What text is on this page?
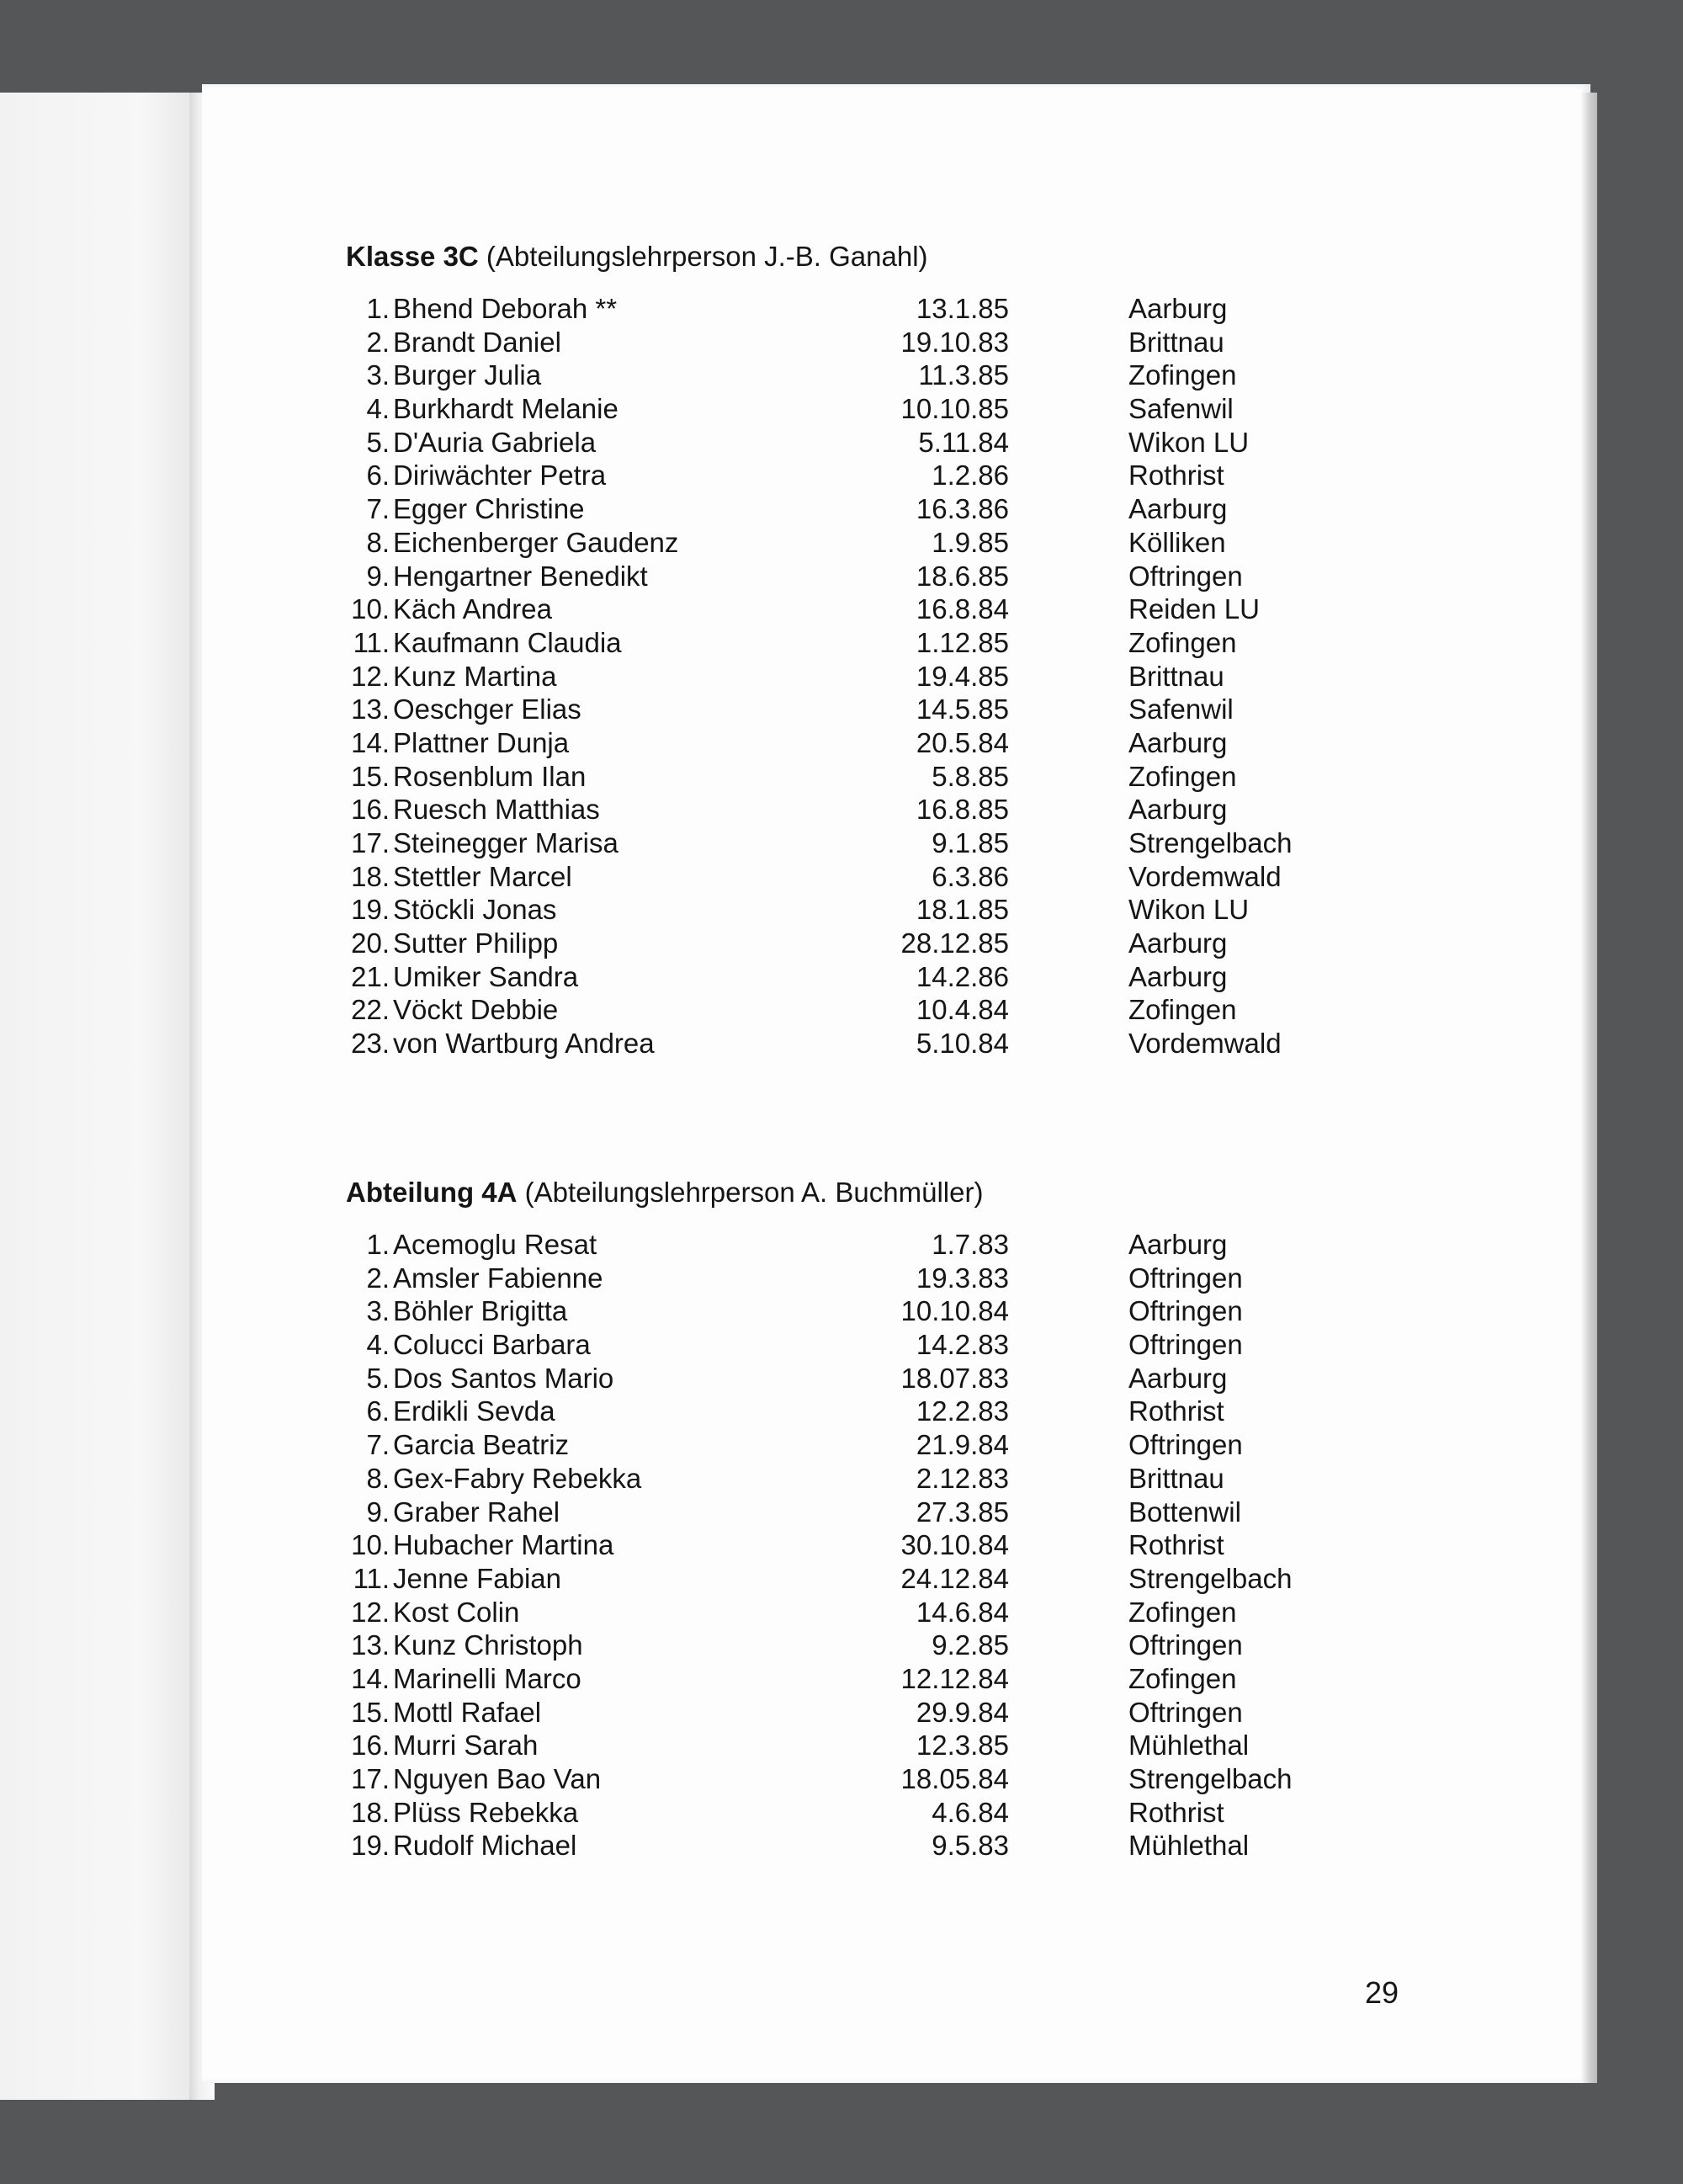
Klasse 3C (Abteilungslehrperson J.-B. Ganahl)
1. Bhend Deborah **	13.1.85	Aarburg
2. Brandt Daniel	19.10.83	Brittnau
3. Burger Julia	11.3.85	Zofingen
4. Burkhardt Melanie	10.10.85	Safenwil
5. D'Auria Gabriela	5.11.84	Wikon LU
6. Diriwächter Petra	1.2.86	Rothrist
7. Egger Christine	16.3.86	Aarburg
8. Eichenberger Gaudenz	1.9.85	Kölliken
9. Hengartner Benedikt	18.6.85	Oftringen
10. Käch Andrea	16.8.84	Reiden LU
11. Kaufmann Claudia	1.12.85	Zofingen
12. Kunz Martina	19.4.85	Brittnau
13. Oeschger Elias	14.5.85	Safenwil
14. Plattner Dunja	20.5.84	Aarburg
15. Rosenblum Ilan	5.8.85	Zofingen
16. Ruesch Matthias	16.8.85	Aarburg
17. Steinegger Marisa	9.1.85	Strengelbach
18. Stettler Marcel	6.3.86	Vordemwald
19. Stöckli Jonas	18.1.85	Wikon LU
20. Sutter Philipp	28.12.85	Aarburg
21. Umiker Sandra	14.2.86	Aarburg
22. Vöckt Debbie	10.4.84	Zofingen
23. von Wartburg Andrea	5.10.84	Vordemwald
Abteilung 4A (Abteilungslehrperson A. Buchmüller)
1. Acemoglu Resat	1.7.83	Aarburg
2. Amsler Fabienne	19.3.83	Oftringen
3. Böhler Brigitta	10.10.84	Oftringen
4. Colucci Barbara	14.2.83	Oftringen
5. Dos Santos Mario	18.07.83	Aarburg
6. Erdikli Sevda	12.2.83	Rothrist
7. Garcia Beatriz	21.9.84	Oftringen
8. Gex-Fabry Rebekka	2.12.83	Brittnau
9. Graber Rahel	27.3.85	Bottenwil
10. Hubacher Martina	30.10.84	Rothrist
11. Jenne Fabian	24.12.84	Strengelbach
12. Kost Colin	14.6.84	Zofingen
13. Kunz Christoph	9.2.85	Oftringen
14. Marinelli Marco	12.12.84	Zofingen
15. Mottl Rafael	29.9.84	Oftringen
16. Murri Sarah	12.3.85	Mühlethal
17. Nguyen Bao Van	18.05.84	Strengelbach
18. Plüss Rebekka	4.6.84	Rothrist
19. Rudolf Michael	9.5.83	Mühlethal
29
